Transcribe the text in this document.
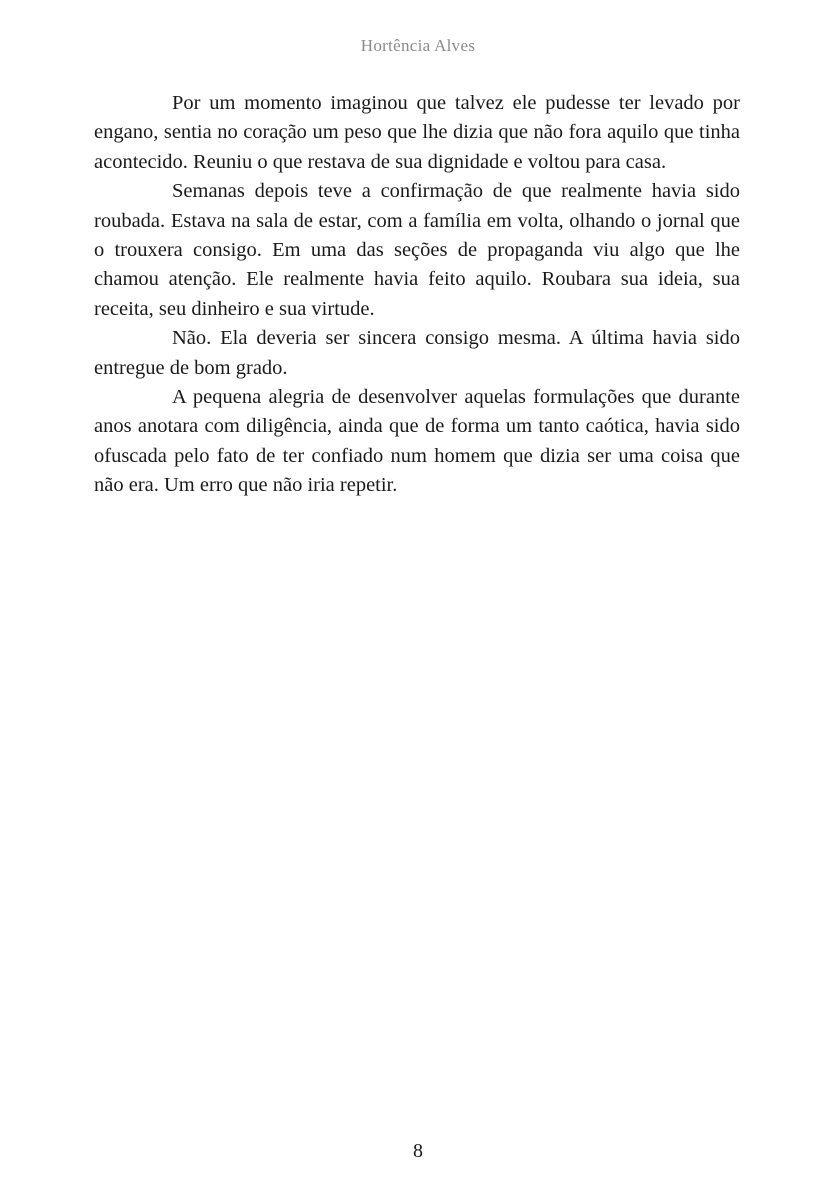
Hortência Alves

Por um momento imaginou que talvez ele pudesse ter levado por engano, sentia no coração um peso que lhe dizia que não fora aquilo que tinha acontecido. Reuniu o que restava de sua dignidade e voltou para casa.

Semanas depois teve a confirmação de que realmente havia sido roubada. Estava na sala de estar, com a família em volta, olhando o jornal que o trouxera consigo. Em uma das seções de propaganda viu algo que lhe chamou atenção. Ele realmente havia feito aquilo. Roubara sua ideia, sua receita, seu dinheiro e sua virtude.

Não. Ela deveria ser sincera consigo mesma. A última havia sido entregue de bom grado.

A pequena alegria de desenvolver aquelas formulações que durante anos anotara com diligência, ainda que de forma um tanto caótica, havia sido ofuscada pelo fato de ter confiado num homem que dizia ser uma coisa que não era. Um erro que não iria repetir.

8
